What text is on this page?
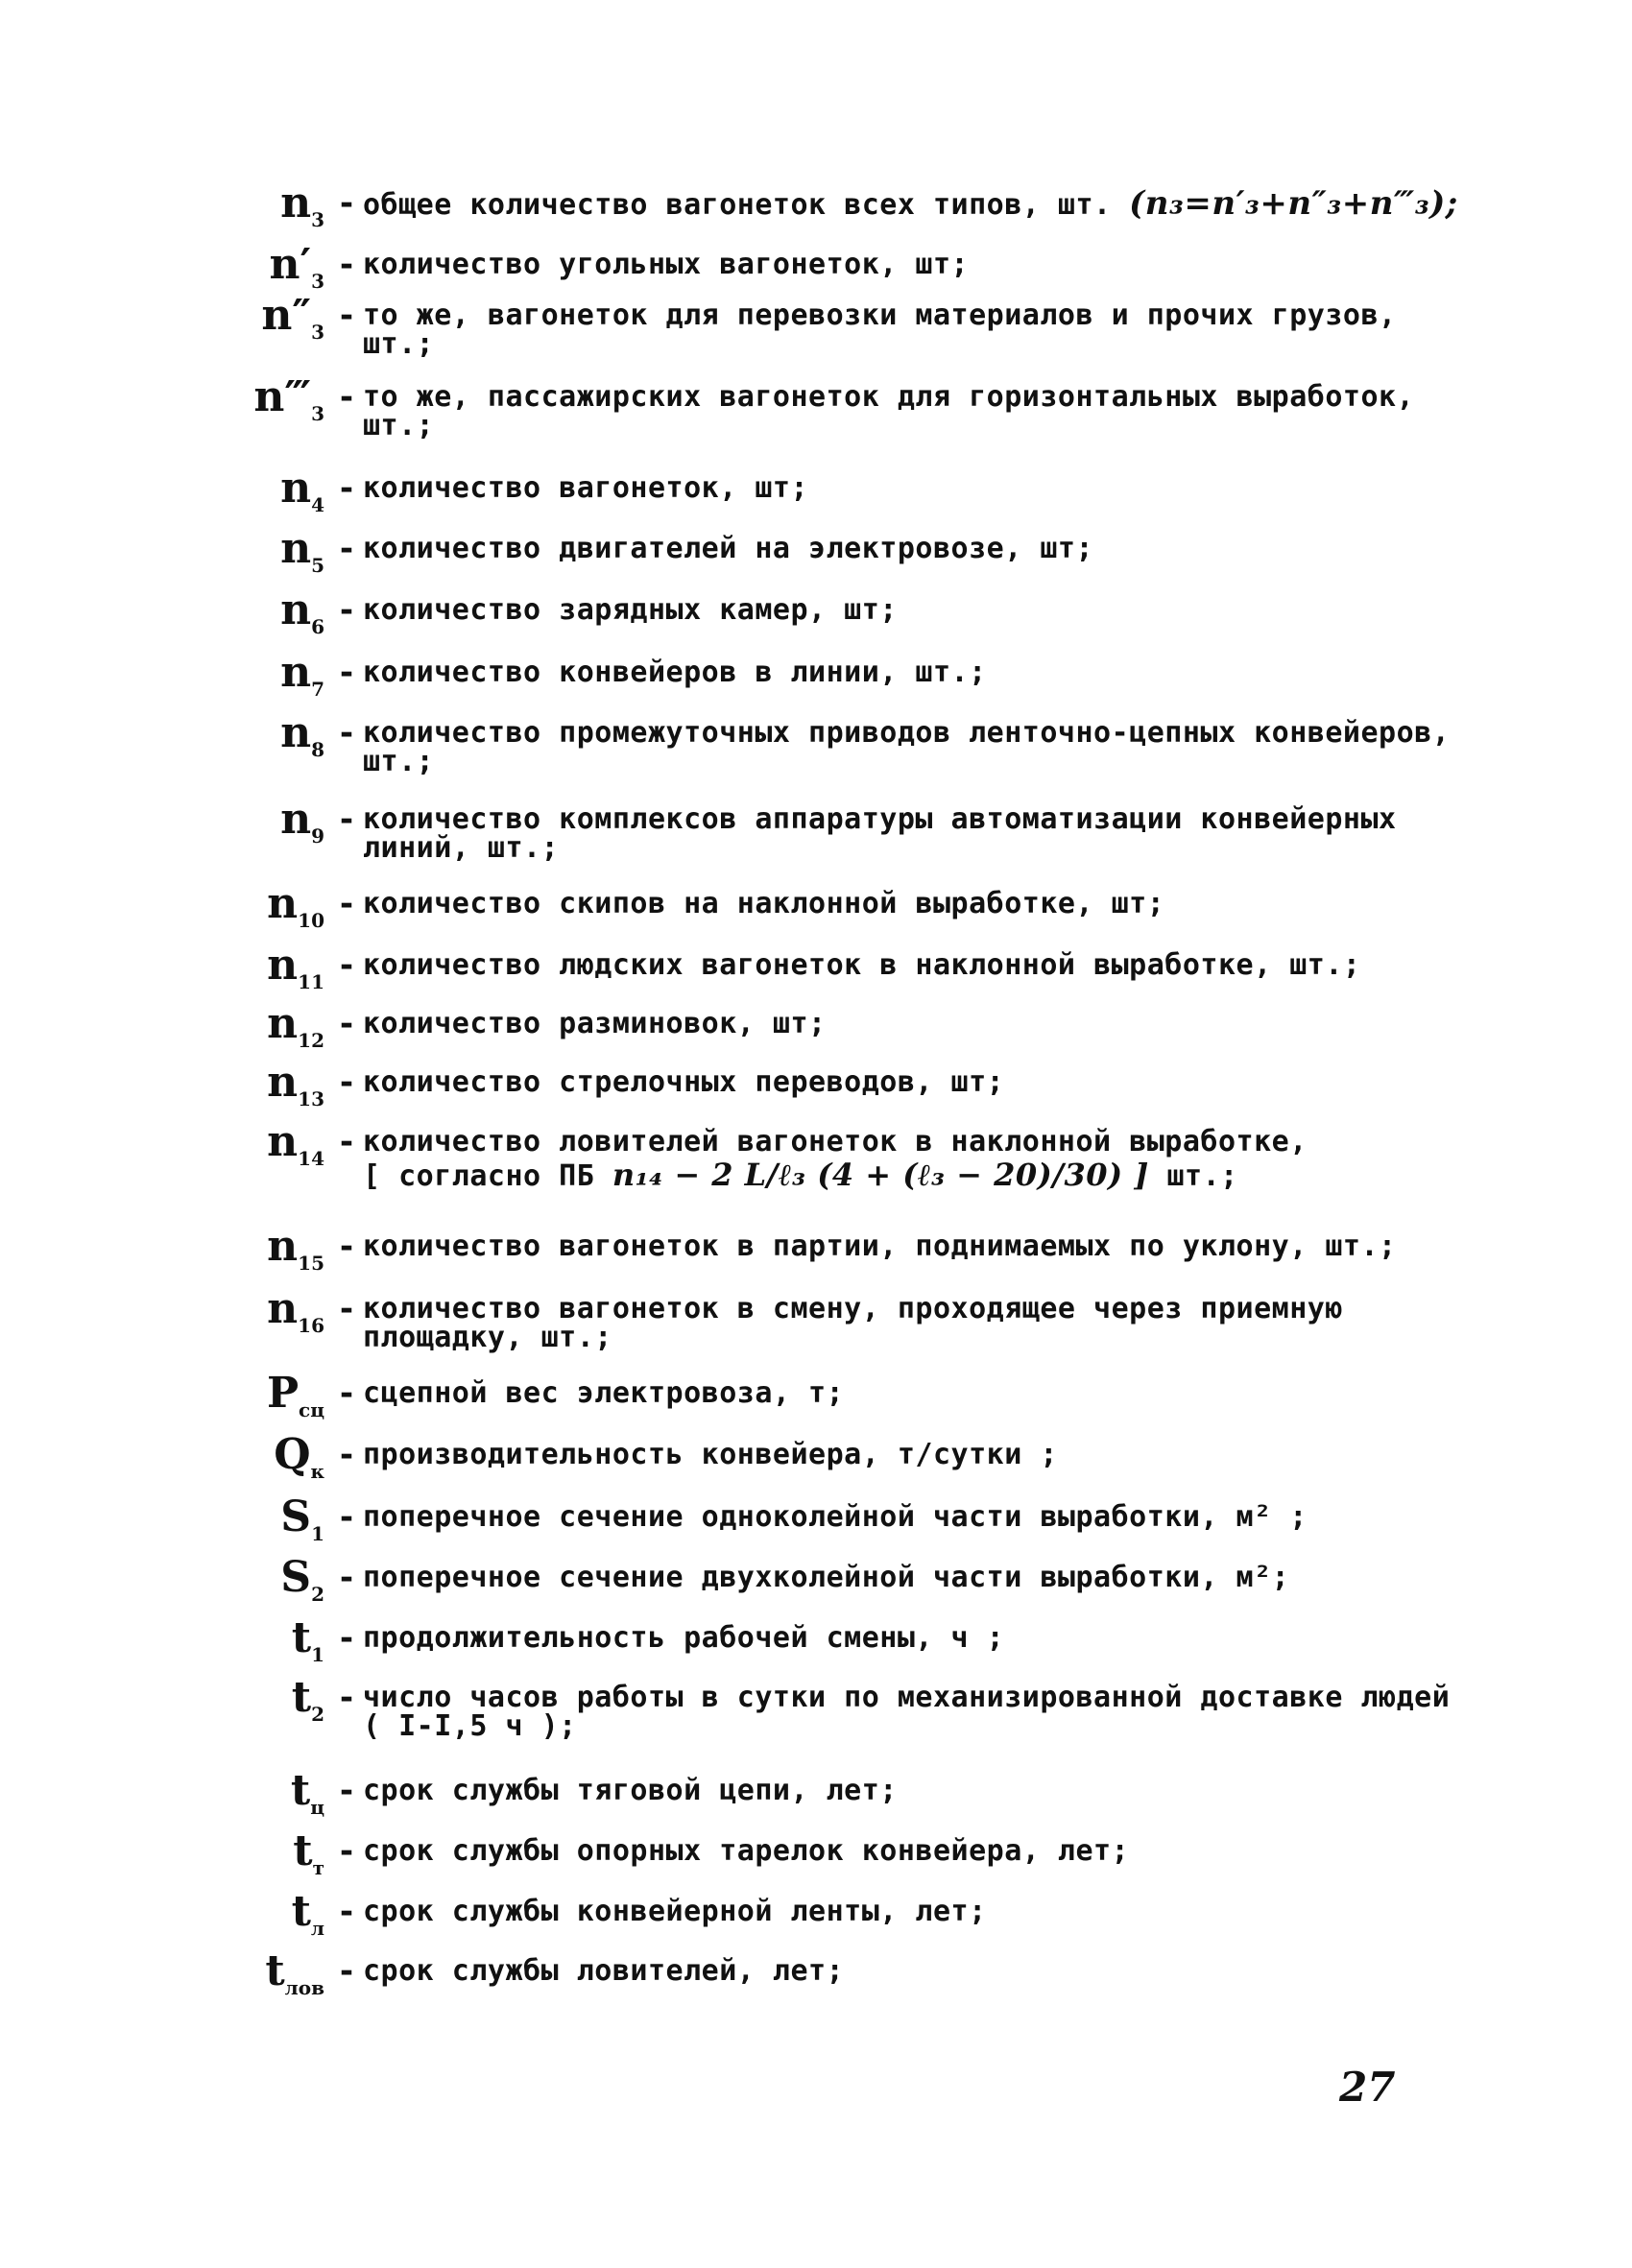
$n_3$ - общее количество вагонеток всех типов, шт. (n₃=n′₃+n″₃+n‴₃);
$n'_3$ - количество угольных вагонеток, шт;
$n''_3$ - то же, вагонеток для перевозки материалов и прочих грузов, шт.;
$n‴_3$ - то же, пассажирских вагонеток для горизонтальных выработок, шт.;
$n_4$ - количество вагонеток, шт;
$n_5$ - количество двигателей на электровозе, шт;
$n_6$ - количество зарядных камер, шт;
$n_7$ - количество конвейеров в линии, шт.;
$n_8$ - количество промежуточных приводов ленточно-цепных конвейеров, шт.;
$n_9$ - количество комплексов аппаратуры автоматизации конвейерных линий, шт.;
$n_{10}$ - количество скипов на наклонной выработке, шт;
$n_{11}$ - количество людских вагонеток в наклонной выработке, шт.;
$n_{12}$ - количество разминовок, шт;
$n_{13}$ - количество стрелочных переводов, шт;
$n_{14}$ - количество ловителей вагонеток в наклонной выработке,
[ согласно ПБ n₁₄ − 2 L/ℓ₃ (4 + (ℓ₃ − 20)/30) ] шт.;
$n_{15}$ - количество вагонеток в партии, поднимаемых по уклону, шт.;
$n_{16}$ - количество вагонеток в смену, проходящее через приемную площадку, шт.;
$P_{сц}$ - сцепной вес электровоза, т;
$Q_к$ - производительность конвейера, т/сутки ;
$S_1$ - поперечное сечение одноколейной части выработки, м² ;
$S_2$ - поперечное сечение двухколейной части выработки, м²;
$t_1$ - продолжительность рабочей смены, ч ;
$t_2$ - число часов работы в сутки по механизированной доставке людей ( I-I,5 ч );
$t_ц$ - срок службы тяговой цепи, лет;
$t_т$ - срок службы опорных тарелок конвейера, лет;
$t_л$ - срок службы конвейерной ленты, лет;
$t_{лов}$ - срок службы ловителей, лет;
27
